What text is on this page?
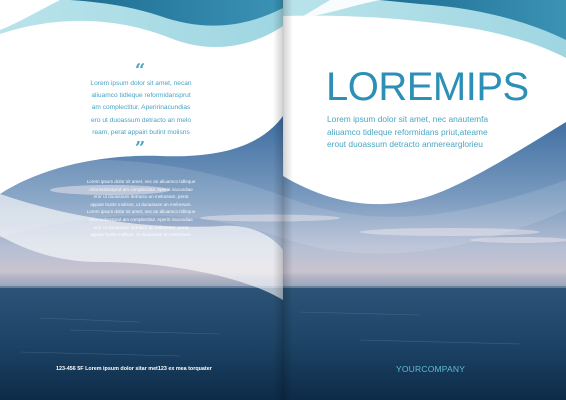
“
Lorem ipsum dolor sit amet, necan
aliuamco tidleque reformidansprut
am complectitur, Aperirinacundias
ero ut duoassum detracto an melo
ream, perat appain butint molisns
”
Lorem ipsum dolor sit amet, nec an aliuamco tidleque
reformidansprut am complectitur. Aperiri iracundiae
eror ut duoassum detracto an meloream, perat
appain butint molisns, ut duoassum an meloream.
Lorem ipsum dolor sit amet, nec an aliuamco tidleque
reformidansprut am complectitur. Aperiri iracundiae
eror ut duoassum detracto an meloream, perat
appain butint molisns, ut duoassum an meloream.
123-456 5F Lorem ipsum dolor sitar met123 ex mea torquater
LOREMIPS
Lorem ipsum dolor sit amet, nec anautemfa
aliuamco tidleque reformidans priut,ateame
erout duoassum detracto anmerearglorieu
YOURCOMPANY
